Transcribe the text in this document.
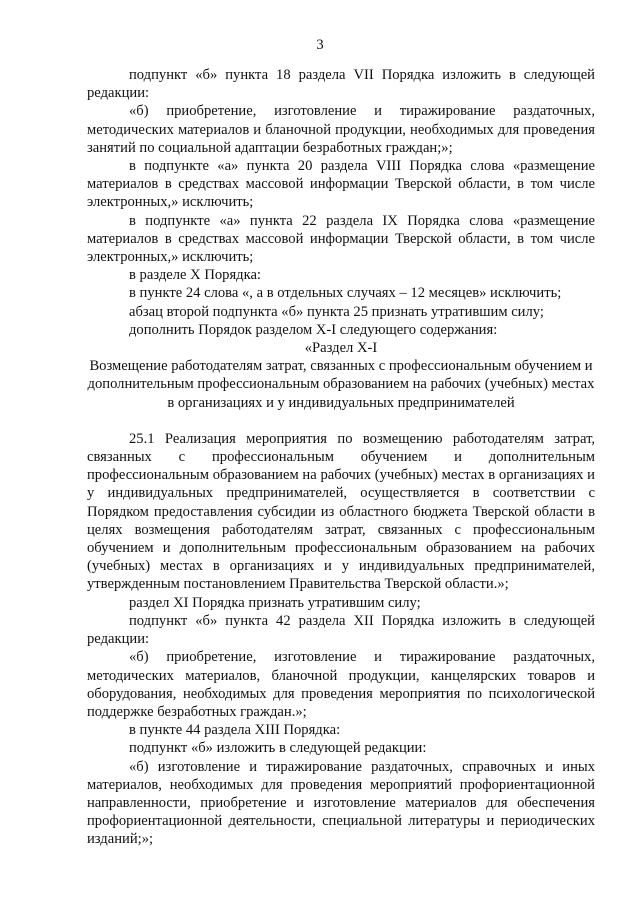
3

подпункт «б» пункта 18 раздела VII Порядка изложить в следующей редакции:

«б) приобретение, изготовление и тиражирование раздаточных, методических материалов и бланочной продукции, необходимых для проведения занятий по социальной адаптации безработных граждан;»;

в подпункте «а» пункта 20 раздела VIII Порядка слова «размещение материалов в средствах массовой информации Тверской области, в том числе электронных,» исключить;

в подпункте «а» пункта 22 раздела IX Порядка слова «размещение материалов в средствах массовой информации Тверской области, в том числе электронных,» исключить;

в разделе X Порядка:

в пункте 24 слова «, а в отдельных случаях – 12 месяцев» исключить;

абзац второй подпункта «б» пункта 25 признать утратившим силу;

дополнить Порядок разделом X-I следующего содержания:

«Раздел X-I

Возмещение работодателям затрат, связанных с профессиональным обучением и дополнительным профессиональным образованием на рабочих (учебных) местах в организациях и у индивидуальных предпринимателей

25.1 Реализация мероприятия по возмещению работодателям затрат, связанных с профессиональным обучением и дополнительным профессиональным образованием на рабочих (учебных) местах в организациях и у индивидуальных предпринимателей, осуществляется в соответствии с Порядком предоставления субсидии из областного бюджета Тверской области в целях возмещения работодателям затрат, связанных с профессиональным обучением и дополнительным профессиональным образованием на рабочих (учебных) местах в организациях и у индивидуальных предпринимателей, утвержденным постановлением Правительства Тверской области.»;

раздел XI Порядка признать утратившим силу;

подпункт «б» пункта 42 раздела XII Порядка изложить в следующей редакции:

«б) приобретение, изготовление и тиражирование раздаточных, методических материалов, бланочной продукции, канцелярских товаров и оборудования, необходимых для проведения мероприятия по психологической поддержке безработных граждан.»;

в пункте 44 раздела XIII Порядка:

подпункт «б» изложить в следующей редакции:

«б) изготовление и тиражирование раздаточных, справочных и иных материалов, необходимых для проведения мероприятий профориентационной направленности, приобретение и изготовление материалов для обеспечения профориентационной деятельности, специальной литературы и периодических изданий;»;
